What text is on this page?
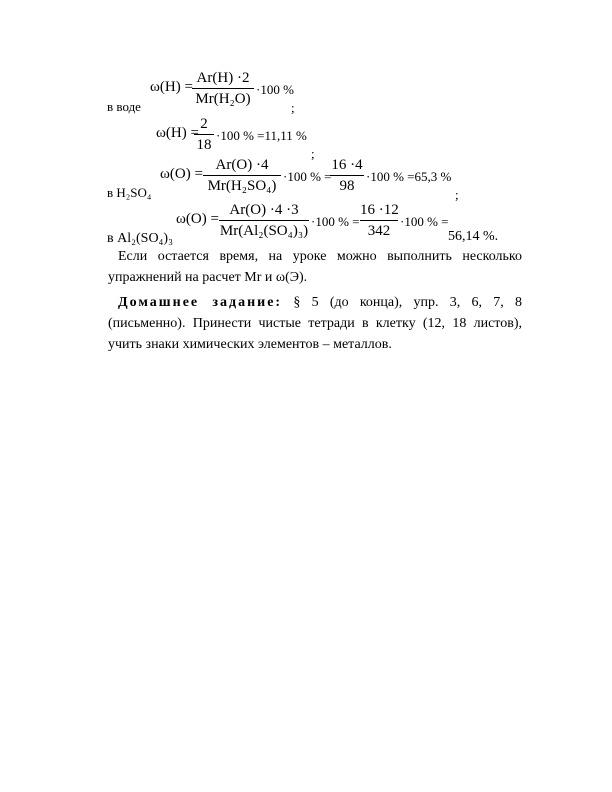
в воде
ω(H) =
Ar(H) ·2
Mr(H₂O)
·100 %
;
ω(H) =
2
18
·100 % =11,11 %
;
в H₂SO₄
ω(O) =
Ar(O) ·4
Mr(H₂SO₄)
·100 % =
16 ·4
98
·100 % =65,3 %
;
в Al₂(SO₄)₃
ω(O) =
Ar(O) ·4 ·3
Mr(Al₂(SO₄)₃)
·100 % =
16 ·12
342
·100 % =
56,14 %.
Если остается время, на уроке можно выполнить несколько упражнений на расчет Mr и ω(Э).
Домашнее задание: § 5 (до конца), упр. 3, 6, 7, 8 (письменно). Принести чистые тетради в клетку (12, 18 листов), учить знаки химических элементов – металлов.
